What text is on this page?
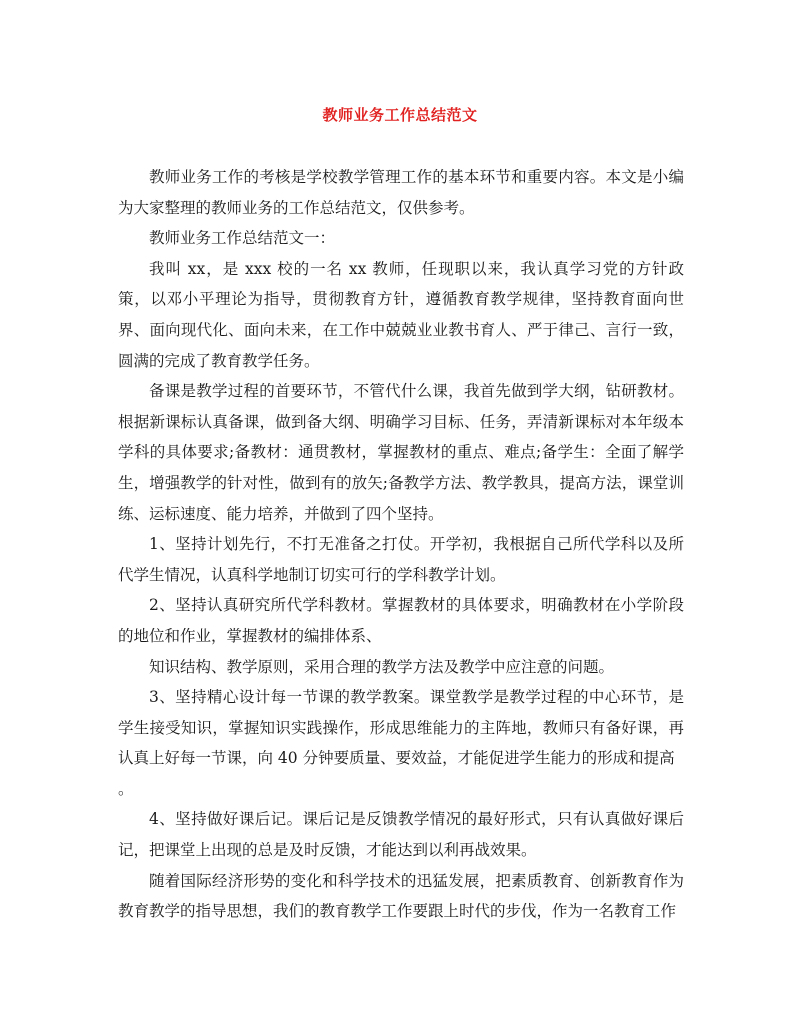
教师业务工作总结范文

教师业务工作的考核是学校教学管理工作的基本环节和重要内容。本文是小编为大家整理的教师业务的工作总结范文，仅供参考。

教师业务工作总结范文一：

我叫 xx，是 xxx 校的一名 xx 教师，任现职以来，我认真学习党的方针政策，以邓小平理论为指导，贯彻教育方针，遵循教育教学规律，坚持教育面向世界、面向现代化、面向未来，在工作中兢兢业业教书育人、严于律己、言行一致，圆满的完成了教育教学任务。

备课是教学过程的首要环节，不管代什么课，我首先做到学大纲，钻研教材。根据新课标认真备课，做到备大纲、明确学习目标、任务，弄清新课标对本年级本学科的具体要求;备教材：通贯教材，掌握教材的重点、难点;备学生：全面了解学生，增强教学的针对性，做到有的放矢;备教学方法、教学教具，提高方法，课堂训练、运标速度、能力培养，并做到了四个坚持。

1、坚持计划先行，不打无准备之打仗。开学初，我根据自己所代学科以及所代学生情况，认真科学地制订切实可行的学科教学计划。

2、坚持认真研究所代学科教材。掌握教材的具体要求，明确教材在小学阶段的地位和作业，掌握教材的编排体系、

知识结构、教学原则，采用合理的教学方法及教学中应注意的问题。

3、坚持精心设计每一节课的教学教案。课堂教学是教学过程的中心环节，是学生接受知识，掌握知识实践操作，形成思维能力的主阵地，教师只有备好课，再认真上好每一节课，向 40 分钟要质量、要效益，才能促进学生能力的形成和提高

。

4、坚持做好课后记。课后记是反馈教学情况的最好形式，只有认真做好课后记，把课堂上出现的总是及时反馈，才能达到以利再战效果。

随着国际经济形势的变化和科学技术的迅猛发展，把素质教育、创新教育作为教育教学的指导思想，我们的教育教学工作要跟上时代的步伐，作为一名教育工作
